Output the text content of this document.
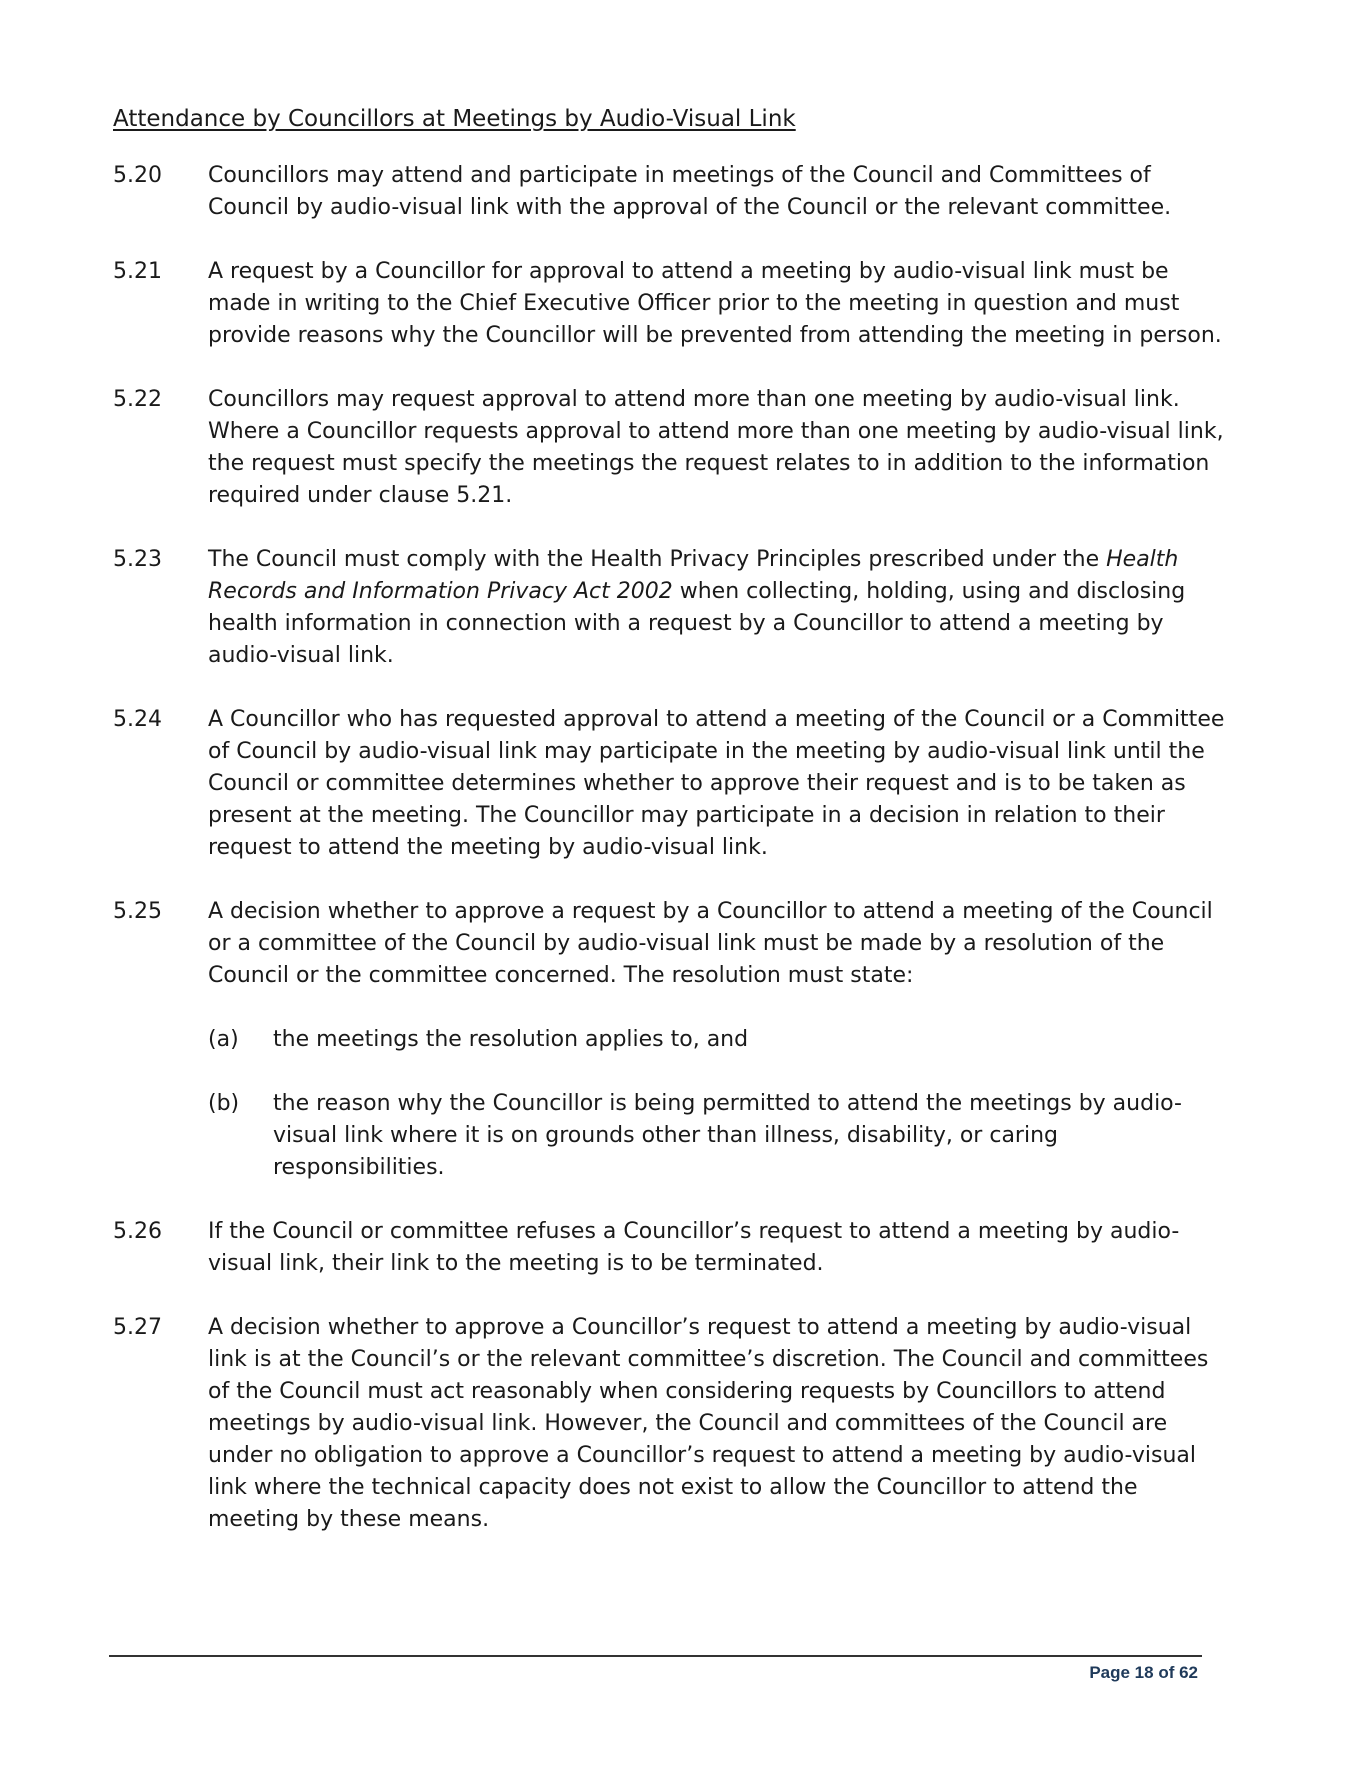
Attendance by Councillors at Meetings by Audio-Visual Link
5.20	Councillors may attend and participate in meetings of the Council and Committees of Council by audio-visual link with the approval of the Council or the relevant committee.
5.21	A request by a Councillor for approval to attend a meeting by audio-visual link must be made in writing to the Chief Executive Officer prior to the meeting in question and must provide reasons why the Councillor will be prevented from attending the meeting in person.
5.22	Councillors may request approval to attend more than one meeting by audio-visual link. Where a Councillor requests approval to attend more than one meeting by audio-visual link, the request must specify the meetings the request relates to in addition to the information required under clause 5.21.
5.23	The Council must comply with the Health Privacy Principles prescribed under the Health Records and Information Privacy Act 2002 when collecting, holding, using and disclosing health information in connection with a request by a Councillor to attend a meeting by audio-visual link.
5.24	A Councillor who has requested approval to attend a meeting of the Council or a Committee of Council by audio-visual link may participate in the meeting by audio-visual link until the Council or committee determines whether to approve their request and is to be taken as present at the meeting. The Councillor may participate in a decision in relation to their request to attend the meeting by audio-visual link.
5.25	A decision whether to approve a request by a Councillor to attend a meeting of the Council or a committee of the Council by audio-visual link must be made by a resolution of the Council or the committee concerned. The resolution must state:
(a)	the meetings the resolution applies to, and
(b)	the reason why the Councillor is being permitted to attend the meetings by audio-visual link where it is on grounds other than illness, disability, or caring responsibilities.
5.26	If the Council or committee refuses a Councillor’s request to attend a meeting by audio-visual link, their link to the meeting is to be terminated.
5.27	A decision whether to approve a Councillor’s request to attend a meeting by audio-visual link is at the Council’s or the relevant committee’s discretion. The Council and committees of the Council must act reasonably when considering requests by Councillors to attend meetings by audio-visual link. However, the Council and committees of the Council are under no obligation to approve a Councillor’s request to attend a meeting by audio-visual link where the technical capacity does not exist to allow the Councillor to attend the meeting by these means.
Page 18 of 62
